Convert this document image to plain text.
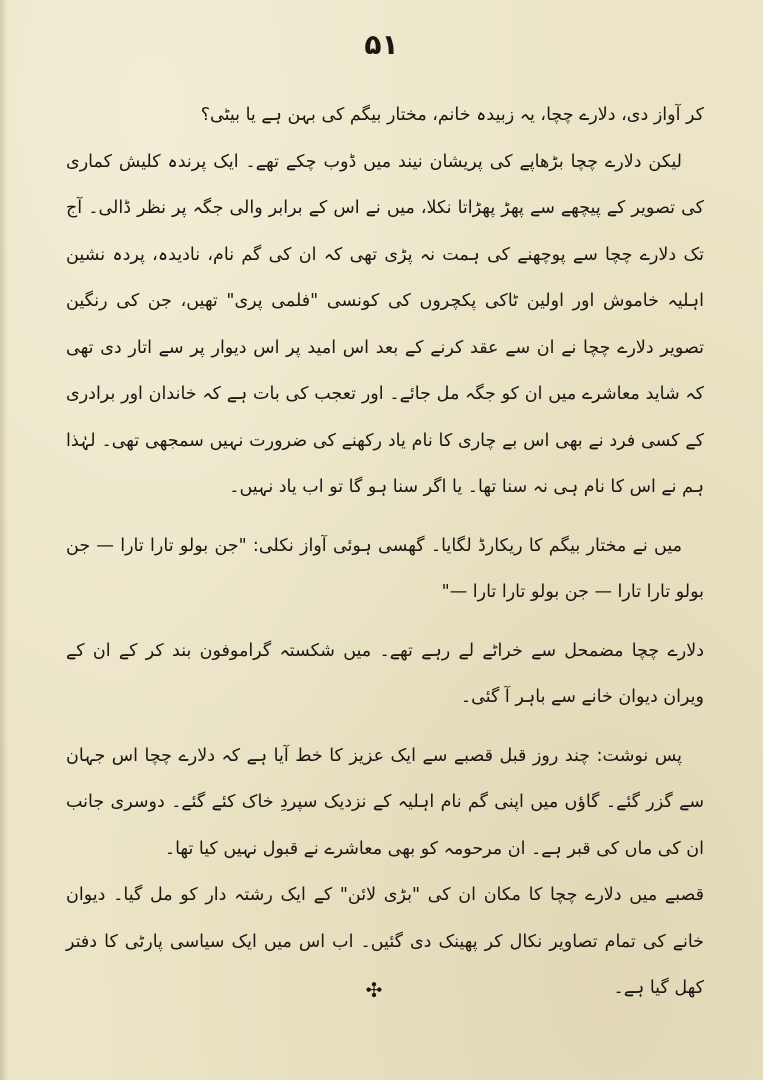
۵۱

کر آواز دی، دلارے چچا، یہ زبیدہ خانم، مختار بیگم کی بہن ہے یا بیٹی؟

لیکن دلارے چچا بڑھاپے کی پریشان نیند میں ڈوب چکے تھے۔ ایک پرندہ کلیش کماری کی تصویر کے پیچھے سے پھڑ پھڑاتا نکلا، میں نے اس کے برابر والی جگہ پر نظر ڈالی۔ آج تک دلارے چچا سے پوچھنے کی ہمت نہ پڑی تھی کہ ان کی گم نام، نادیدہ، پردہ نشین اہلیہ خاموش اور اولین ٹاکی پکچروں کی کونسی "فلمی پری" تھیں، جن کی رنگین تصویر دلارے چچا نے ان سے عقد کرنے کے بعد اس امید پر اس دیوار پر سے اتار دی تھی کہ شاید معاشرے میں ان کو جگہ مل جائے۔ اور تعجب کی بات ہے کہ خاندان اور برادری کے کسی فرد نے بھی اس بے چاری کا نام یاد رکھنے کی ضرورت نہیں سمجھی تھی۔ لہٰذا ہم نے اس کا نام ہی نہ سنا تھا۔ یا اگر سنا ہو گا تو اب یاد نہیں۔

میں نے مختار بیگم کا ریکارڈ لگایا۔ گھسی ہوئی آواز نکلی: "جن بولو تارا تارا — جن بولو تارا تارا — جن بولو تارا تارا —"

دلارے چچا مضمحل سے خراٹے لے رہے تھے۔ میں شکستہ گراموفون بند کر کے ان کے ویران دیوان خانے سے باہر آ گئی۔

پس نوشت: چند روز قبل قصبے سے ایک عزیز کا خط آیا ہے کہ دلارے چچا اس جہان سے گزر گئے۔ گاؤں میں اپنی گم نام اہلیہ کے نزدیک سپردِ خاک کئے گئے۔ دوسری جانب ان کی ماں کی قبر ہے۔ ان مرحومہ کو بھی معاشرے نے قبول نہیں کیا تھا۔

قصبے میں دلارے چچا کا مکان ان کی "بڑی لائن" کے ایک رشتہ دار کو مل گیا۔ دیوان خانے کی تمام تصاویر نکال کر پھینک دی گئیں۔ اب اس میں ایک سیاسی پارٹی کا دفتر کھل گیا ہے۔

✣
